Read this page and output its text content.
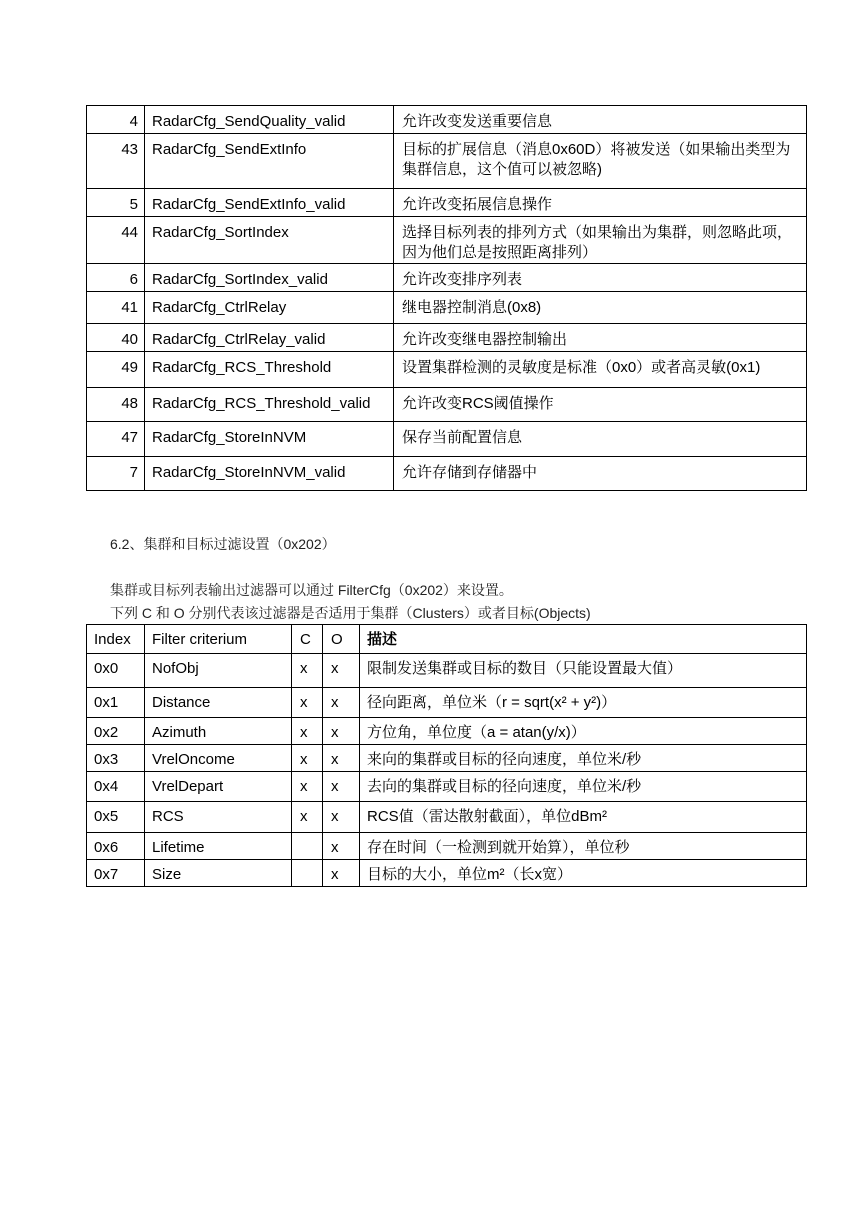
4	RadarCfg_SendQuality_valid	允许改变发送重要信息
43	RadarCfg_SendExtInfo	目标的扩展信息（消息0x60D）将被发送（如果输出类型为集群信息，这个值可以被忽略)
5	RadarCfg_SendExtInfo_valid	允许改变拓展信息操作
44	RadarCfg_SortIndex	选择目标列表的排列方式（如果输出为集群，则忽略此项，因为他们总是按照距离排列）
6	RadarCfg_SortIndex_valid	允许改变排序列表
41	RadarCfg_CtrlRelay	继电器控制消息(0x8)
40	RadarCfg_CtrlRelay_valid	允许改变继电器控制输出
49	RadarCfg_RCS_Threshold	设置集群检测的灵敏度是标准（0x0）或者高灵敏(0x1)
48	RadarCfg_RCS_Threshold_valid	允许改变RCS阈值操作
47	RadarCfg_StoreInNVM	保存当前配置信息
7	RadarCfg_StoreInNVM_valid	允许存储到存储器中
6.2、集群和目标过滤设置（0x202）
集群或目标列表输出过滤器可以通过 FilterCfg（0x202）来设置。
下列 C 和 O 分别代表该过滤器是否适用于集群（Clusters）或者目标(Objects)
Index	Filter criterium	C	O	描述
0x0	NofObj	x	x	限制发送集群或目标的数目（只能设置最大值）
0x1	Distance	x	x	径向距离，单位米（r = sqrt(x² + y²)）
0x2	Azimuth	x	x	方位角，单位度（a = atan(y/x)）
0x3	VrelOncome	x	x	来向的集群或目标的径向速度，单位米/秒
0x4	VrelDepart	x	x	去向的集群或目标的径向速度，单位米/秒
0x5	RCS	x	x	RCS值（雷达散射截面），单位dBm²
0x6	Lifetime		x	存在时间（一检测到就开始算），单位秒
0x7	Size		x	目标的大小，单位m²（长x宽）
